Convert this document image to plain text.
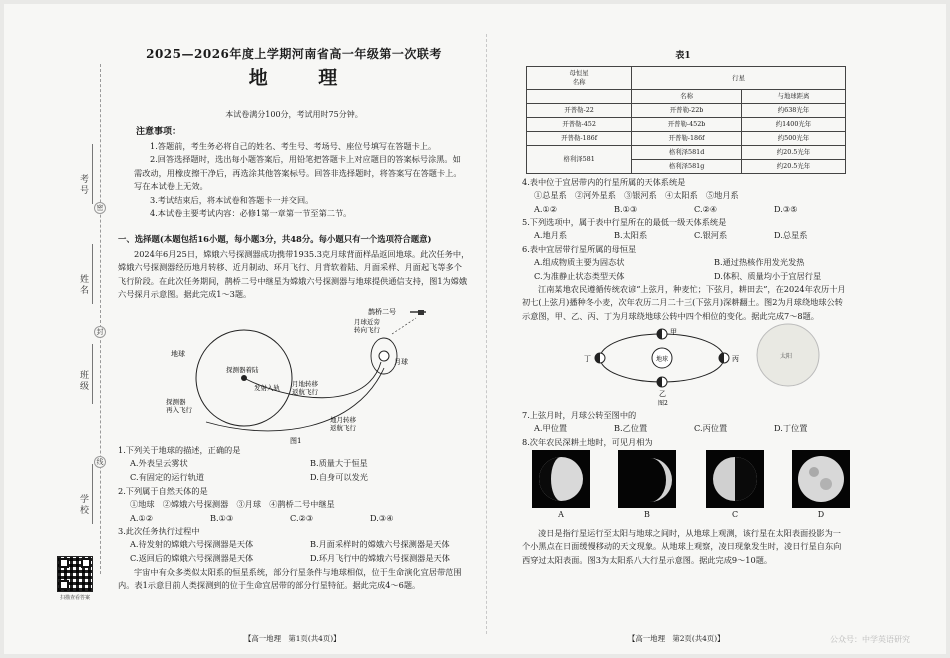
考号
姓名
班级
学校
密
封
线
扫描查看答案
2025—2026年度上学期河南省高一年级第一次联考
地 理
本试卷满分100分，考试用时75分钟。
注意事项：

1.答题前，考生务必将自己的姓名、考生号、考场号、座位号填写在答题卡上。

2.回答选择题时，选出每小题答案后，用铅笔把答题卡上对应题目的答案标号涂黑。如需改动，用橡皮擦干净后，再选涂其他答案标号。回答非选择题时，将答案写在答题卡上。写在本试卷上无效。

3.考试结束后，将本试卷和答题卡一并交回。

4.本试卷主要考试内容：必修1第一章第一节至第二节。

一、选择题(本题包括16小题，每小题3分，共48分。每小题只有一个选项符合题意)
2024年6月25日，嫦娥六号探测器成功携带1935.3克月球背面样品返回地球。此次任务中，嫦娥六号探测器经历地月转移、近月制动、环月飞行、月背软着陆、月面采样、月面起飞等多个飞行阶段。在此次任务期间，鹊桥二号中继星为嫦娥六号探测器与地球提供通信支持，图1为嫦娥六号探月示意图。据此完成1～3题。
地球
月球
鹊桥二号
月球近旁
转向飞行
探测器着陆
发射入轨 月地转移
返航飞行
探测器
再入飞行
地月转移
返航飞行
图1
1.下列关于地球的描述，正确的是
A.外表呈云雾状	B.质量大于恒星
C.有固定的运行轨道	D.自身可以发光
2.下列属于自然天体的是
①地球　②嫦娥六号探测器　③月球　④鹊桥二号中继星
A.①②	B.①③	C.②③	D.③④
3.此次任务执行过程中
A.待发射的嫦娥六号探测器是天体	B.月面采样时的嫦娥六号探测器是天体
C.返回后的嫦娥六号探测器是天体	D.环月飞行中的嫦娥六号探测器是天体
宇宙中有众多类似太阳系的恒星系统，部分行星条件与地球相似，位于生命演化宜居带范围内。表1示意目前人类探测到的位于生命宜居带的部分行星特征。据此完成4～6题。
【高一地理　第1页(共4页)】
表1
母恒星
名称	行星	
	名称	与地球距离
开普勒-22	开普勒-22b	约638光年
开普勒-452	开普勒-452b	约1400光年
开普勒-186f	开普勒-186f	约500光年
格利泽581	格利泽581d	约20.5光年
	格利泽581g	约20.5光年
4.表中位于宜居带内的行星所属的天体系统是
①总星系　②河外星系　③银河系　④太阳系　⑤地月系
A.①②	B.①③	C.②④	D.③⑤
5.下列选项中，属于表中行星所在的最低一级天体系统是
A.地月系	B.太阳系	C.银河系	D.总星系
6.表中宜居带行星所属的母恒星
A.组成物质主要为固态状	B.通过热核作用发光发热
C.为准静止状态类型天体	D.体积、质量均小于宜居行星
江南某地农民遵循传统农谚“上弦月，种麦忙；下弦月，耕田去”，在2024年农历十月初七(上弦月)播种冬小麦，次年农历二月二十三(下弦月)深耕翻土。图2为月球绕地球公转示意图，甲、乙、丙、丁为月球绕地球公转中四个相位的变化。据此完成7～8题。
地球
甲
乙
丙
丁
图2
太阳
7.上弦月时，月球公转至图中的
A.甲位置	B.乙位置	C.丙位置	D.丁位置
8.次年农民深耕土地时，可见月相为
A	B	C	D
凌日是指行星运行至太阳与地球之间时，从地球上观测，该行星在太阳表面投影为一个小黑点在日面缓慢移动的天文现象。从地球上观察，凌日现象发生时，凌日行星自东向西穿过太阳表面。图3为太阳系八大行星示意图。据此完成9～10题。
【高一地理　第2页(共4页)】	公众号：中学英语研究
